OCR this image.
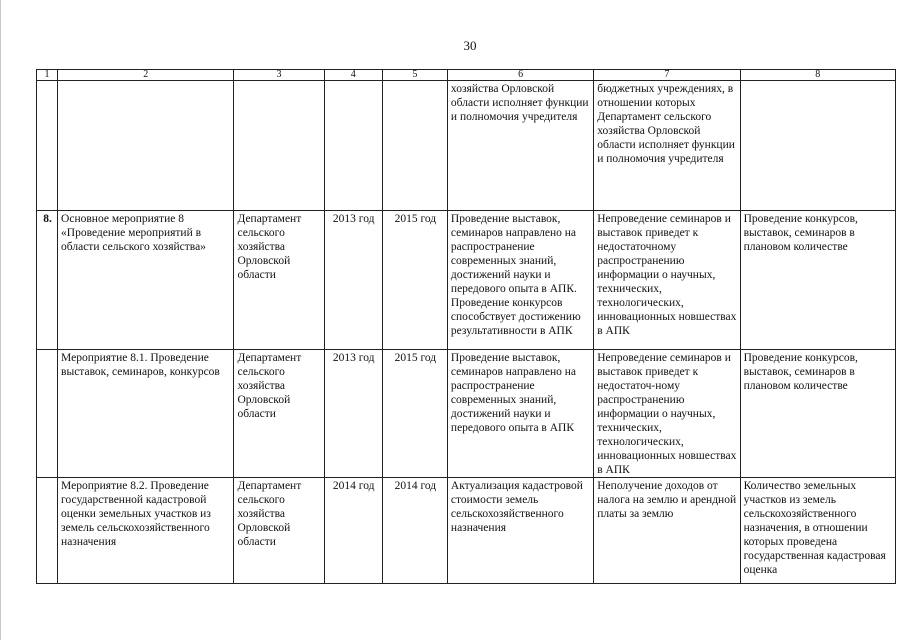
30
1	2	3	4	5	6	7	8
					хозяйства Орловской области исполняет функции и полномочия учредителя	бюджетных учреждениях, в отношении которых Департамент сельского хозяйства Орловской области исполняет функции и полномочия учредителя	
8.	Основное мероприятие 8 «Проведение мероприятий в области сельского хозяйства»	Департамент сельского хозяйства Орловской области	2013 год	2015 год	Проведение выставок, семинаров направлено на распространение современных знаний, достижений науки и передового опыта в АПК. Проведение конкурсов способствует достижению результативности в АПК	Непроведение семинаров и выставок приведет к недостаточному распространению информации о научных, технических, технологических, инновационных новшествах в АПК	Проведение конкурсов, выставок, семинаров в плановом количестве
	Мероприятие 8.1. Проведение выставок, семинаров, конкурсов	Департамент сельского хозяйства Орловской области	2013 год	2015 год	Проведение выставок, семинаров направлено на распространение современных знаний, достижений науки и передового опыта в АПК	Непроведение семинаров и выставок приведет к недостаточ-ному распространению информации о научных, технических, технологических, инновационных новшествах в АПК	Проведение конкурсов, выставок, семинаров в плановом количестве
	Мероприятие 8.2. Проведение государственной кадастровой оценки земельных участков из земель сельскохозяйственного назначения	Департамент сельского хозяйства Орловской области	2014 год	2014 год	Актуализация кадастровой стоимости земель сельскохозяйственного назначения	Неполучение доходов от налога на землю и арендной платы за землю	Количество земельных участков из земель сельскохозяйственного назначения, в отношении которых проведена государственная кадастровая оценка
